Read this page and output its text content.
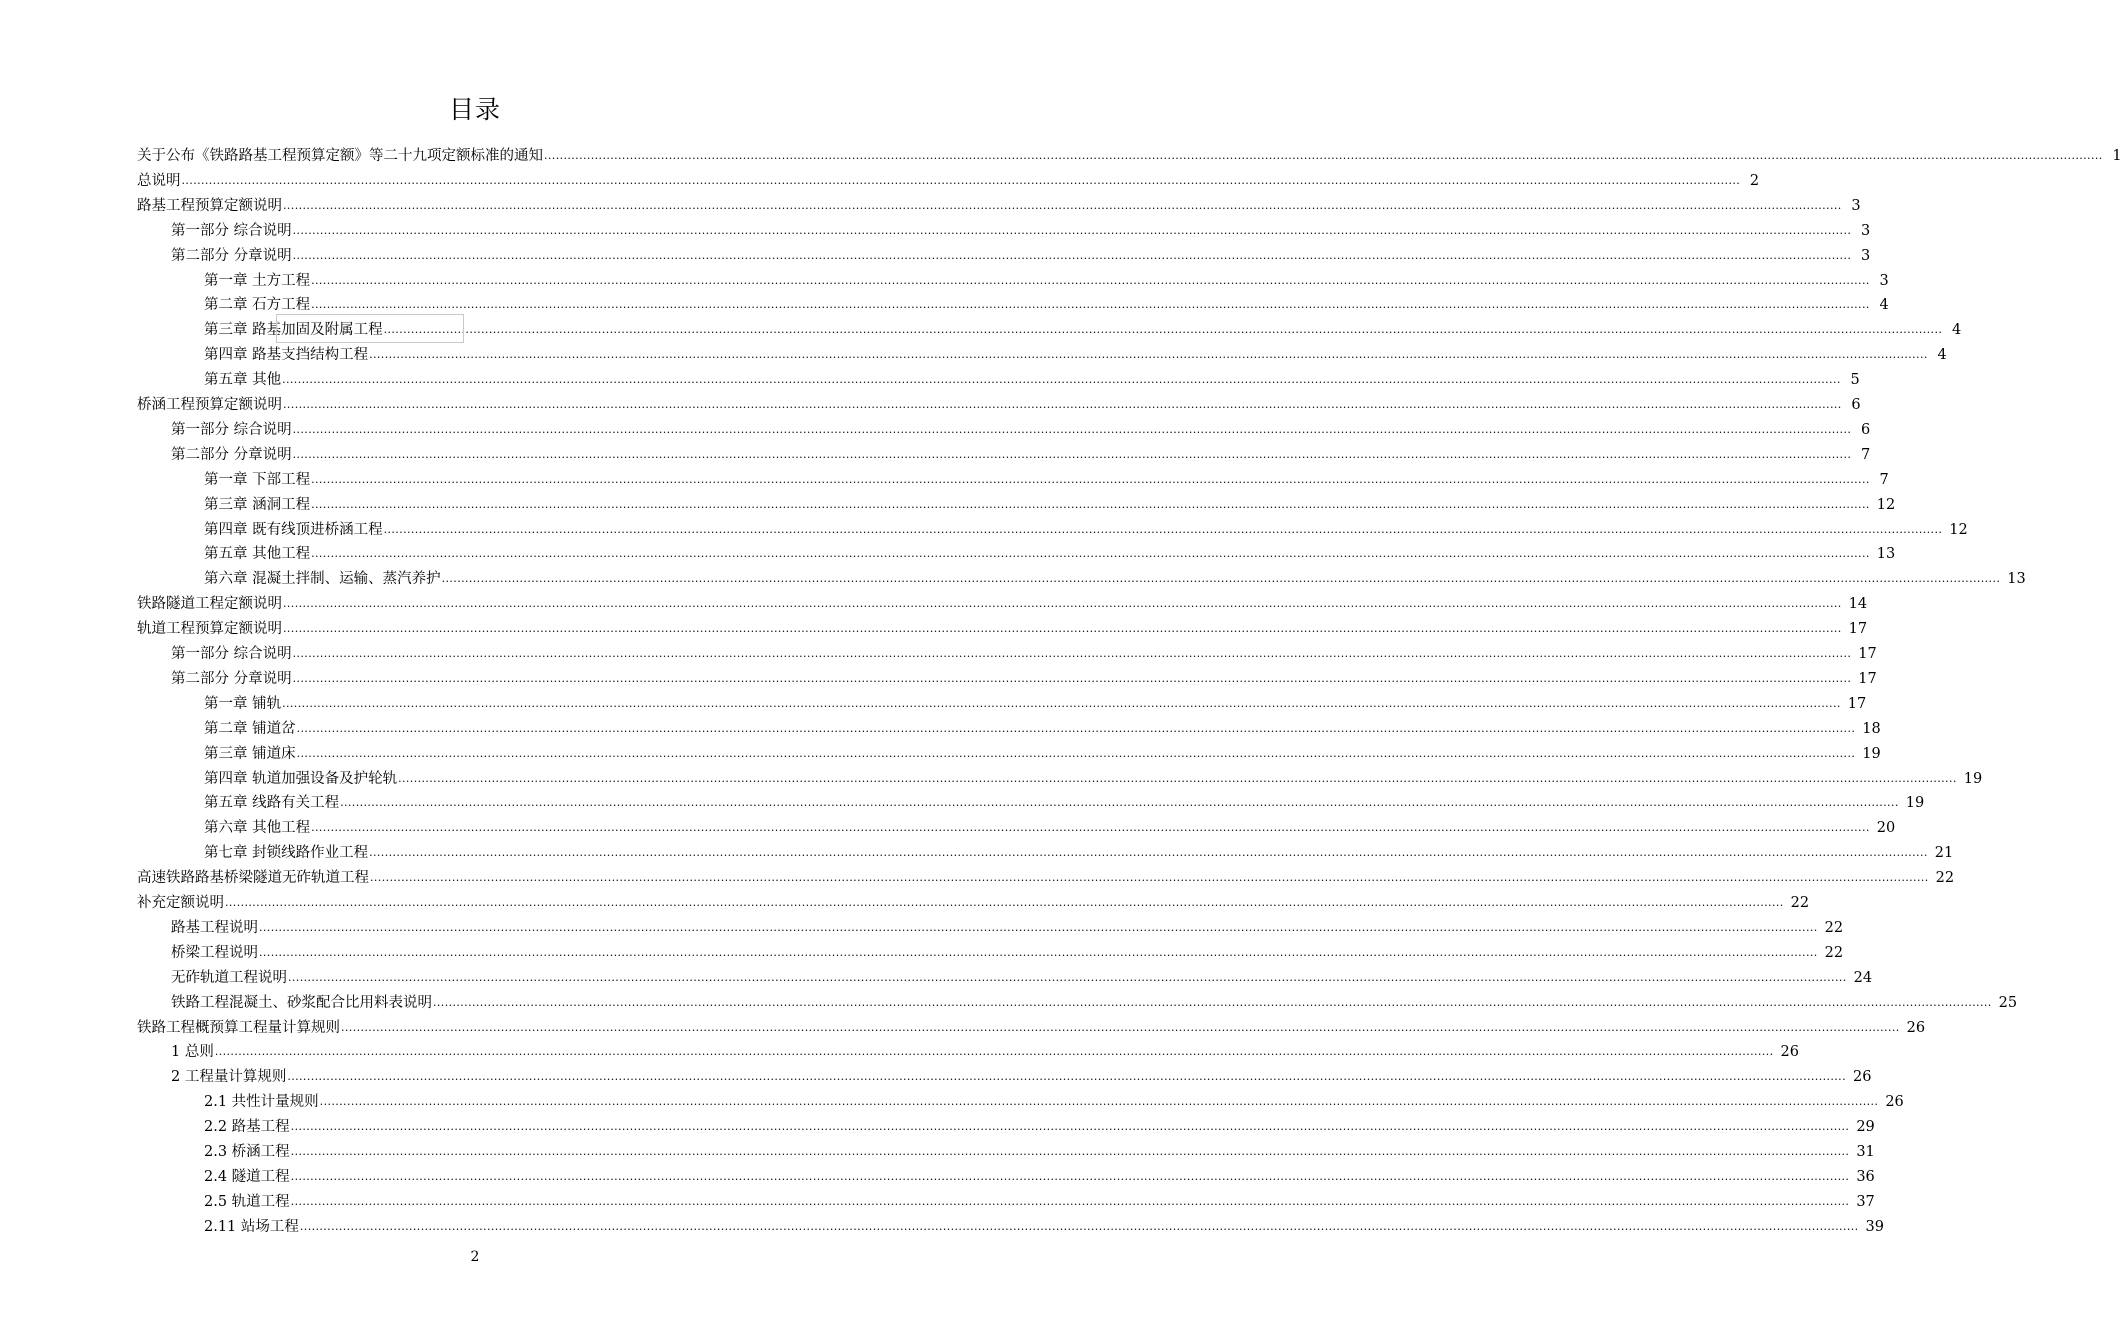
目录
关于公布《铁路路基工程预算定额》等二十九项定额标准的通知 ................................................................................................................................................................................................................................................................................................................................................................................................................ 1
总说明 ................................................................................................................................................................................................................................................................................................................................................................................................................ 2
路基工程预算定额说明 ................................................................................................................................................................................................................................................................................................................................................................................................................ 3
第一部分 综合说明 ................................................................................................................................................................................................................................................................................................................................................................................................................ 3
第二部分 分章说明 ................................................................................................................................................................................................................................................................................................................................................................................................................ 3
第一章 土方工程 ................................................................................................................................................................................................................................................................................................................................................................................................................ 3
第二章 石方工程 ................................................................................................................................................................................................................................................................................................................................................................................................................ 4
第三章 路基加固及附属工程 ................................................................................................................................................................................................................................................................................................................................................................................................................ 4
第四章 路基支挡结构工程 ................................................................................................................................................................................................................................................................................................................................................................................................................ 4
第五章 其他 ................................................................................................................................................................................................................................................................................................................................................................................................................ 5
桥涵工程预算定额说明 ................................................................................................................................................................................................................................................................................................................................................................................................................ 6
第一部分 综合说明 ................................................................................................................................................................................................................................................................................................................................................................................................................ 6
第二部分 分章说明 ................................................................................................................................................................................................................................................................................................................................................................................................................ 7
第一章 下部工程 ................................................................................................................................................................................................................................................................................................................................................................................................................ 7
第三章 涵洞工程 ................................................................................................................................................................................................................................................................................................................................................................................................................ 12
第四章 既有线顶进桥涵工程 ................................................................................................................................................................................................................................................................................................................................................................................................................ 12
第五章 其他工程 ................................................................................................................................................................................................................................................................................................................................................................................................................ 13
第六章 混凝土拌制、运输、蒸汽养护 ................................................................................................................................................................................................................................................................................................................................................................................................................ 13
铁路隧道工程定额说明 ................................................................................................................................................................................................................................................................................................................................................................................................................ 14
轨道工程预算定额说明 ................................................................................................................................................................................................................................................................................................................................................................................................................ 17
第一部分 综合说明 ................................................................................................................................................................................................................................................................................................................................................................................................................ 17
第二部分 分章说明 ................................................................................................................................................................................................................................................................................................................................................................................................................ 17
第一章 铺轨 ................................................................................................................................................................................................................................................................................................................................................................................................................ 17
第二章 铺道岔 ................................................................................................................................................................................................................................................................................................................................................................................................................ 18
第三章 铺道床 ................................................................................................................................................................................................................................................................................................................................................................................................................ 19
第四章 轨道加强设备及护轮轨 ................................................................................................................................................................................................................................................................................................................................................................................................................ 19
第五章 线路有关工程 ................................................................................................................................................................................................................................................................................................................................................................................................................ 19
第六章 其他工程 ................................................................................................................................................................................................................................................................................................................................................................................................................ 20
第七章 封锁线路作业工程 ................................................................................................................................................................................................................................................................................................................................................................................................................ 21
高速铁路路基桥梁隧道无砟轨道工程 ................................................................................................................................................................................................................................................................................................................................................................................................................ 22
补充定额说明 ................................................................................................................................................................................................................................................................................................................................................................................................................ 22
路基工程说明 ................................................................................................................................................................................................................................................................................................................................................................................................................ 22
桥梁工程说明 ................................................................................................................................................................................................................................................................................................................................................................................................................ 22
无砟轨道工程说明 ................................................................................................................................................................................................................................................................................................................................................................................................................ 24
铁路工程混凝土、砂浆配合比用料表说明 ................................................................................................................................................................................................................................................................................................................................................................................................................ 25
铁路工程概预算工程量计算规则 ................................................................................................................................................................................................................................................................................................................................................................................................................ 26
1 总则 ................................................................................................................................................................................................................................................................................................................................................................................................................ 26
2 工程量计算规则 ................................................................................................................................................................................................................................................................................................................................................................................................................ 26
2.1 共性计量规则 ................................................................................................................................................................................................................................................................................................................................................................................................................ 26
2.2 路基工程 ................................................................................................................................................................................................................................................................................................................................................................................................................ 29
2.3 桥涵工程 ................................................................................................................................................................................................................................................................................................................................................................................................................ 31
2.4 隧道工程 ................................................................................................................................................................................................................................................................................................................................................................................................................ 36
2.5 轨道工程 ................................................................................................................................................................................................................................................................................................................................................................................................................ 37
2.11 站场工程 ................................................................................................................................................................................................................................................................................................................................................................................................................ 39
2
